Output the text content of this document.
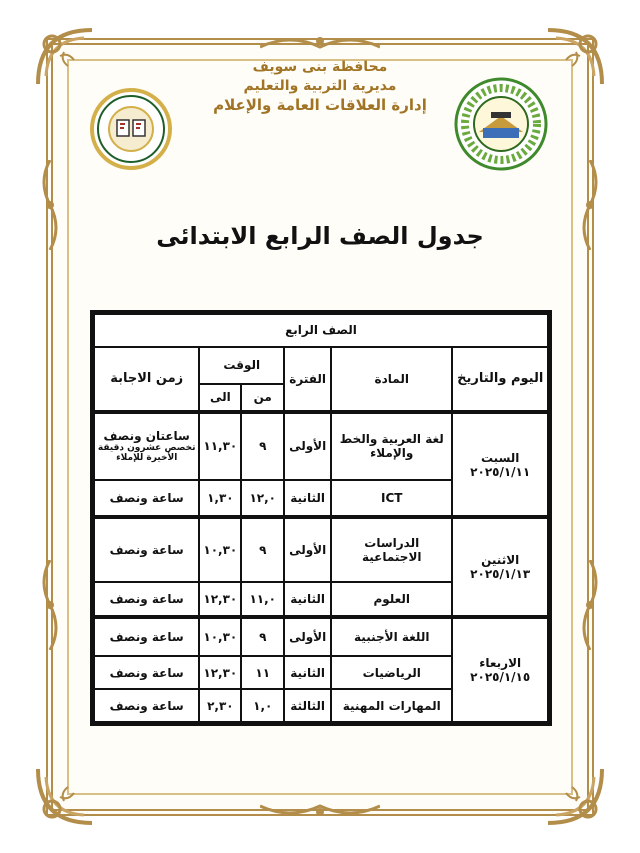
محافظة بنى سويف
مديرية التربية والتعليم
إدارة العلاقات العامة والإعلام
جدول الصف الرابع الابتدائى
الصف الرابع					
اليوم والتاريخ	المادة	الفترة	الوقت		زمن الاجابة
			من	الى	
السبت
٢٠٢٥/١/١١	لغة العربية والخط والإملاء	الأولى	٩	١١,٣٠	ساعتان ونصف
تخصص عشرون دقيقة الأخيرة للإملاء

	ICT	الثانية	١٢,٠	١,٣٠	ساعة ونصف
الاثنين
٢٠٢٥/١/١٣	الدراسات الاجتماعية	الأولى	٩	١٠,٣٠	ساعة ونصف
	العلوم	الثانية	١١,٠	١٢,٣٠	ساعة ونصف
الاربعاء
٢٠٢٥/١/١٥	اللغة الأجنبية	الأولى	٩	١٠,٣٠	ساعة ونصف
	الرياضيات	الثانية	١١	١٢,٣٠	ساعة ونصف
	المهارات المهنية	الثالثة	١,٠	٢,٣٠	ساعة ونصف
